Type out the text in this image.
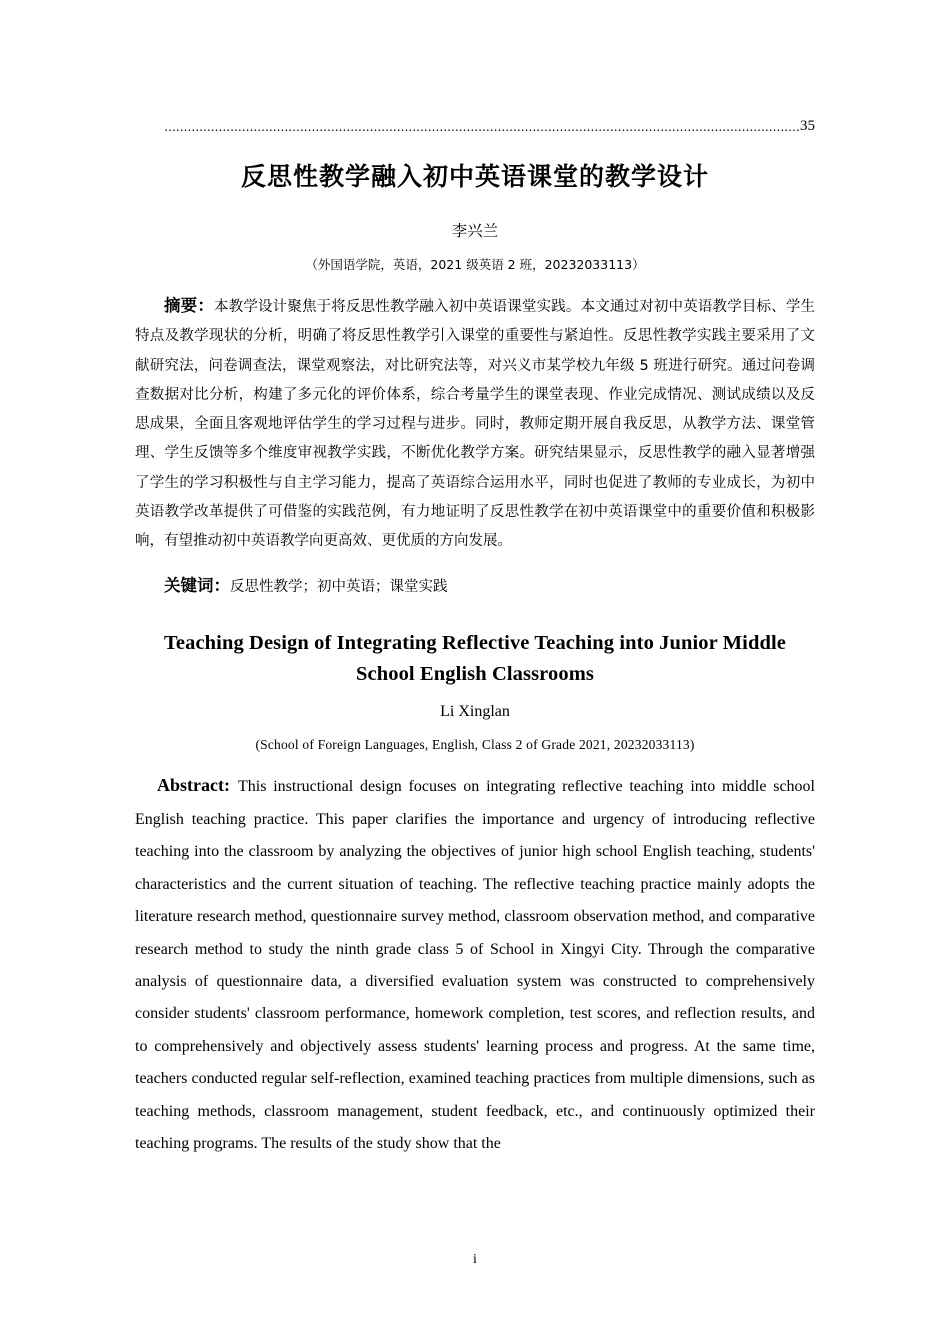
....................................................................................................................................................................35
反思性教学融入初中英语课堂的教学设计
李兴兰
（外国语学院，英语，2021 级英语 2 班，20232033113）
摘要：本教学设计聚焦于将反思性教学融入初中英语课堂实践。本文通过对初中英语教学目标、学生特点及教学现状的分析，明确了将反思性教学引入课堂的重要性与紧迫性。反思性教学实践主要采用了文献研究法，问卷调查法，课堂观察法，对比研究法等，对兴义市某学校九年级 5 班进行研究。通过问卷调查数据对比分析，构建了多元化的评价体系，综合考量学生的课堂表现、作业完成情况、测试成绩以及反思成果，全面且客观地评估学生的学习过程与进步。同时，教师定期开展自我反思，从教学方法、课堂管理、学生反馈等多个维度审视教学实践，不断优化教学方案。研究结果显示，反思性教学的融入显著增强了学生的学习积极性与自主学习能力，提高了英语综合运用水平，同时也促进了教师的专业成长，为初中英语教学改革提供了可借鉴的实践范例，有力地证明了反思性教学在初中英语课堂中的重要价值和积极影响，有望推动初中英语教学向更高效、更优质的方向发展。
关键词：反思性教学；初中英语；课堂实践
Teaching Design of Integrating Reflective Teaching into Junior Middle School English Classrooms
Li Xinglan
(School of Foreign Languages, English, Class 2 of Grade 2021, 20232033113)
Abstract: This instructional design focuses on integrating reflective teaching into middle school English teaching practice. This paper clarifies the importance and urgency of introducing reflective teaching into the classroom by analyzing the objectives of junior high school English teaching, students' characteristics and the current situation of teaching. The reflective teaching practice mainly adopts the literature research method, questionnaire survey method, classroom observation method, and comparative research method to study the ninth grade class 5 of School in Xingyi City. Through the comparative analysis of questionnaire data, a diversified evaluation system was constructed to comprehensively consider students' classroom performance, homework completion, test scores, and reflection results, and to comprehensively and objectively assess students' learning process and progress. At the same time, teachers conducted regular self-reflection, examined teaching practices from multiple dimensions, such as teaching methods, classroom management, student feedback, etc., and continuously optimized their teaching programs. The results of the study show that the
i
